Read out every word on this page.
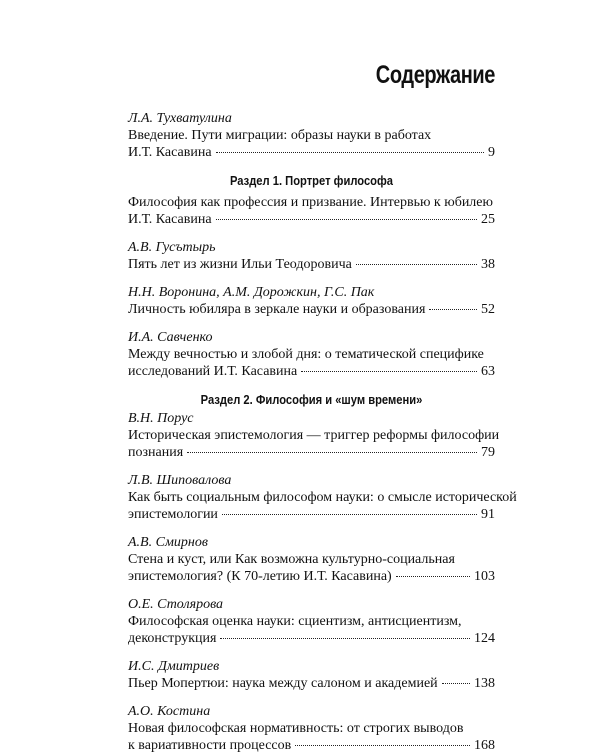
Содержание
Л.А. Тухватулина
Введение. Пути миграции: образы науки в работах
И.Т. Касавина	9
Раздел 1. Портрет философа
Философия как профессия и призвание. Интервью к юбилею
И.Т. Касавина	25
А.В. Гусътырь
Пять лет из жизни Ильи Теодоровича	38
Н.Н. Воронина, А.М. Дорожкин, Г.С. Пак
Личность юбиляра в зеркале науки и образования	52
И.А. Савченко
Между вечностью и злобой дня: о тематической специфике
исследований И.Т. Касавина	63
Раздел 2. Философия и «шум времени»
В.Н. Порус
Историческая эпистемология — триггер реформы философии
познания	79
Л.В. Шиповалова
Как быть социальным философом науки: о смысле исторической
эпистемологии	91
А.В. Смирнов
Стена и куст, или Как возможна культурно-социальная
эпистемология? (К 70-летию И.Т. Касавина)	103
О.Е. Столярова
Философская оценка науки: сциентизм, антисциентизм,
деконструкция	124
И.С. Дмитриев
Пьер Мопертюи: наука между салоном и академией	138
А.О. Костина
Новая философская нормативность: от строгих выводов
к вариативности процессов	168
